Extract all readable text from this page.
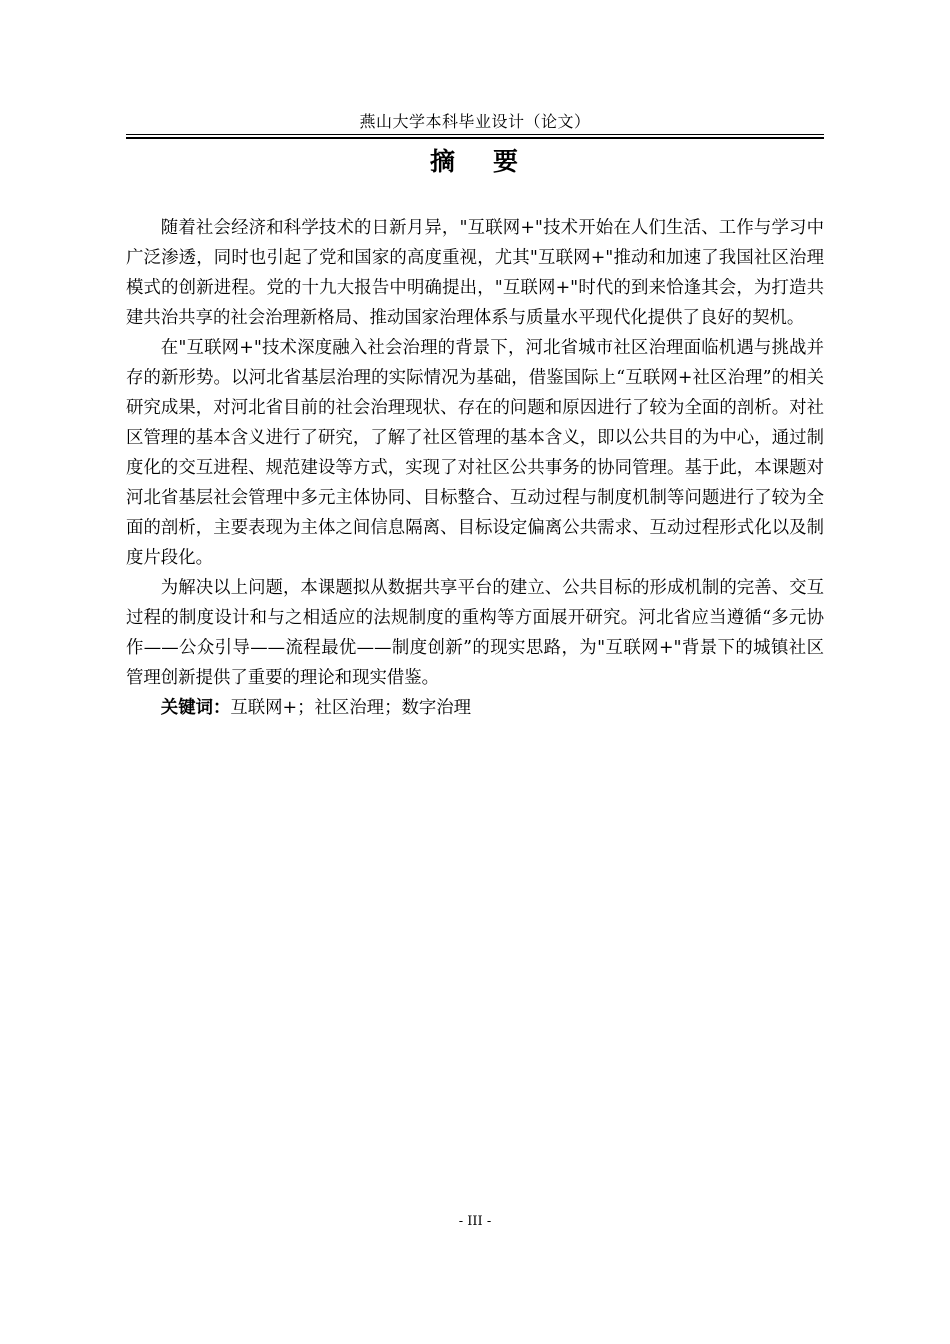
燕山大学本科毕业设计（论文）
摘 要

随着社会经济和科学技术的日新月异，"互联网+"技术开始在人们生活、工作与学习中广泛渗透，同时也引起了党和国家的高度重视，尤其"互联网+"推动和加速了我国社区治理模式的创新进程。党的十九大报告中明确提出，"互联网+"时代的到来恰逢其会，为打造共建共治共享的社会治理新格局、推动国家治理体系与质量水平现代化提供了良好的契机。

在"互联网+"技术深度融入社会治理的背景下，河北省城市社区治理面临机遇与挑战并存的新形势。以河北省基层治理的实际情况为基础，借鉴国际上“互联网+社区治理”的相关研究成果，对河北省目前的社会治理现状、存在的问题和原因进行了较为全面的剖析。对社区管理的基本含义进行了研究，了解了社区管理的基本含义，即以公共目的为中心，通过制度化的交互进程、规范建设等方式，实现了对社区公共事务的协同管理。基于此，本课题对河北省基层社会管理中多元主体协同、目标整合、互动过程与制度机制等问题进行了较为全面的剖析，主要表现为主体之间信息隔离、目标设定偏离公共需求、互动过程形式化以及制度片段化。

为解决以上问题，本课题拟从数据共享平台的建立、公共目标的形成机制的完善、交互过程的制度设计和与之相适应的法规制度的重构等方面展开研究。河北省应当遵循“多元协作——公众引导——流程最优——制度创新”的现实思路，为"互联网+"背景下的城镇社区管理创新提供了重要的理论和现实借鉴。

关键词：互联网+；社区治理；数字治理

- III -
